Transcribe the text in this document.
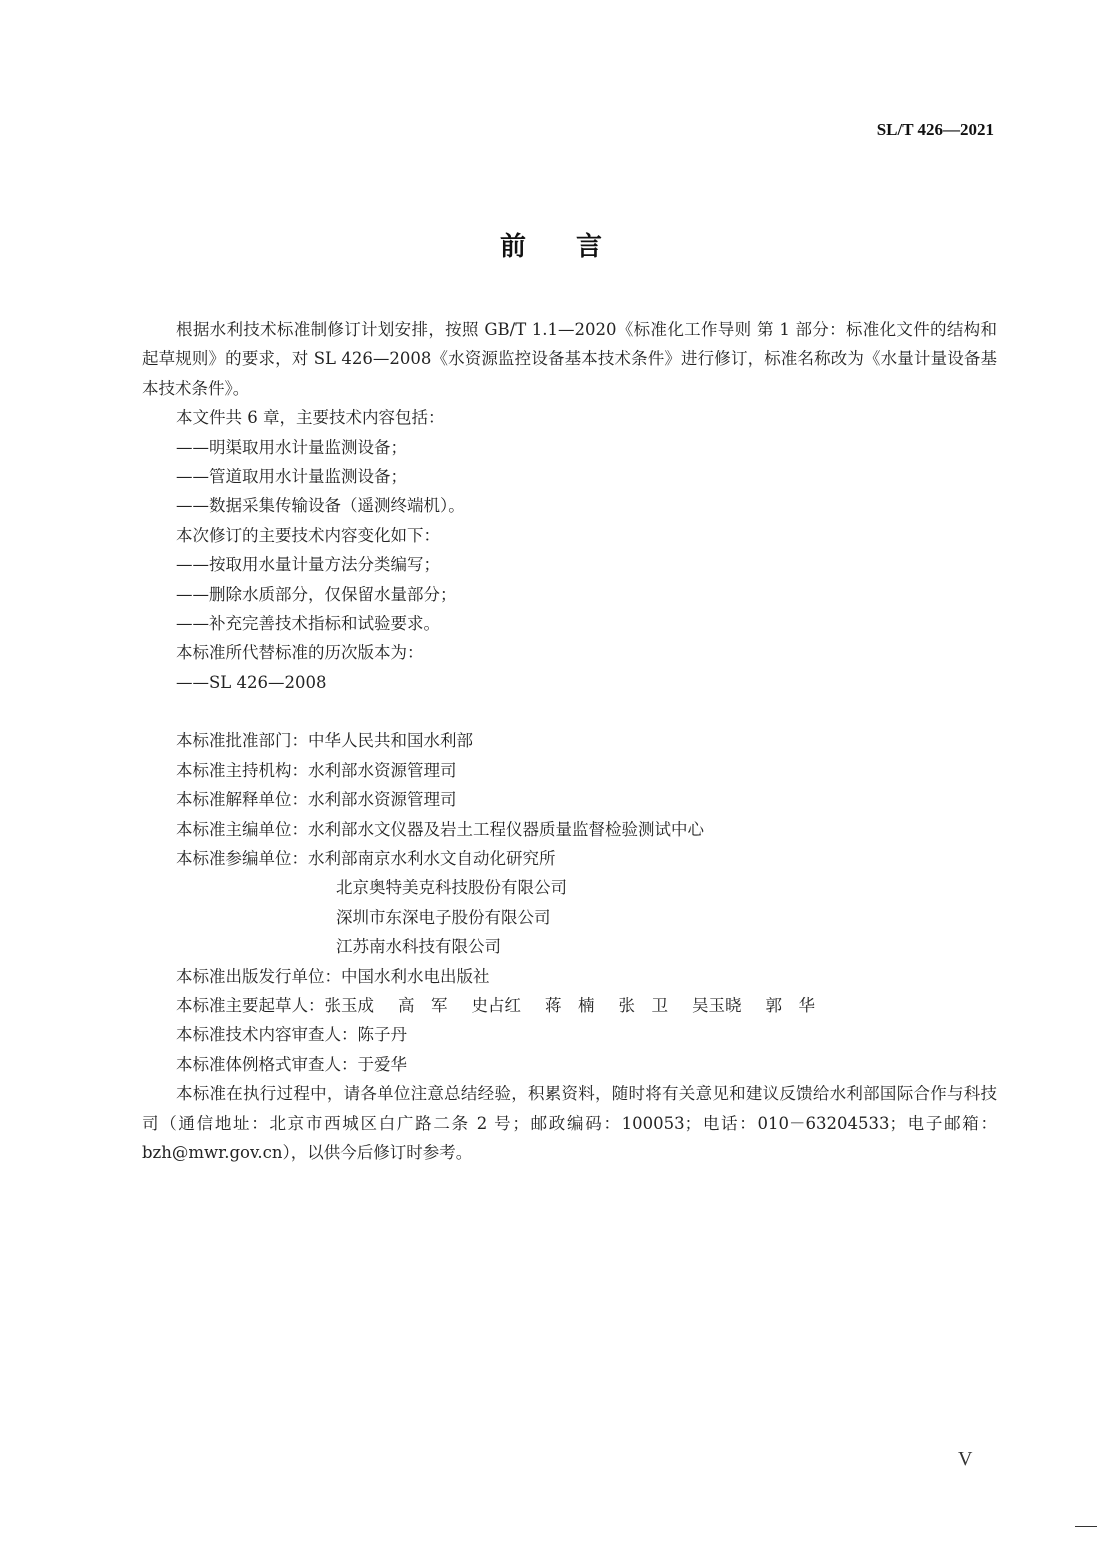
SL/T 426—2021
前言

根据水利技术标准制修订计划安排，按照 GB/T 1.1—2020《标准化工作导则 第 1 部分：标准化文件的结构和起草规则》的要求，对 SL 426—2008《水资源监控设备基本技术条件》进行修订，标准名称改为《水量计量设备基本技术条件》。

本文件共 6 章，主要技术内容包括：

——明渠取用水计量监测设备；

——管道取用水计量监测设备；

——数据采集传输设备（遥测终端机）。

本次修订的主要技术内容变化如下：

——按取用水量计量方法分类编写；

——删除水质部分，仅保留水量部分；

——补充完善技术指标和试验要求。

本标准所代替标准的历次版本为：

——SL 426—2008

本标准批准部门：中华人民共和国水利部

本标准主持机构：水利部水资源管理司

本标准解释单位：水利部水资源管理司

本标准主编单位：水利部水文仪器及岩土工程仪器质量监督检验测试中心

本标准参编单位：水利部南京水利水文自动化研究所

北京奥特美克科技股份有限公司

深圳市东深电子股份有限公司

江苏南水科技有限公司

本标准出版发行单位：中国水利水电出版社

本标准主要起草人：张玉成 高　军 史占红 蒋　楠 张　卫 吴玉晓 郭　华

本标准技术内容审查人：陈子丹

本标准体例格式审查人：于爱华

本标准在执行过程中，请各单位注意总结经验，积累资料，随时将有关意见和建议反馈给水利部国际合作与科技司（通信地址：北京市西城区白广路二条 2 号；邮政编码：100053；电话：010－63204533；电子邮箱：bzh@mwr.gov.cn），以供今后修订时参考。

V
